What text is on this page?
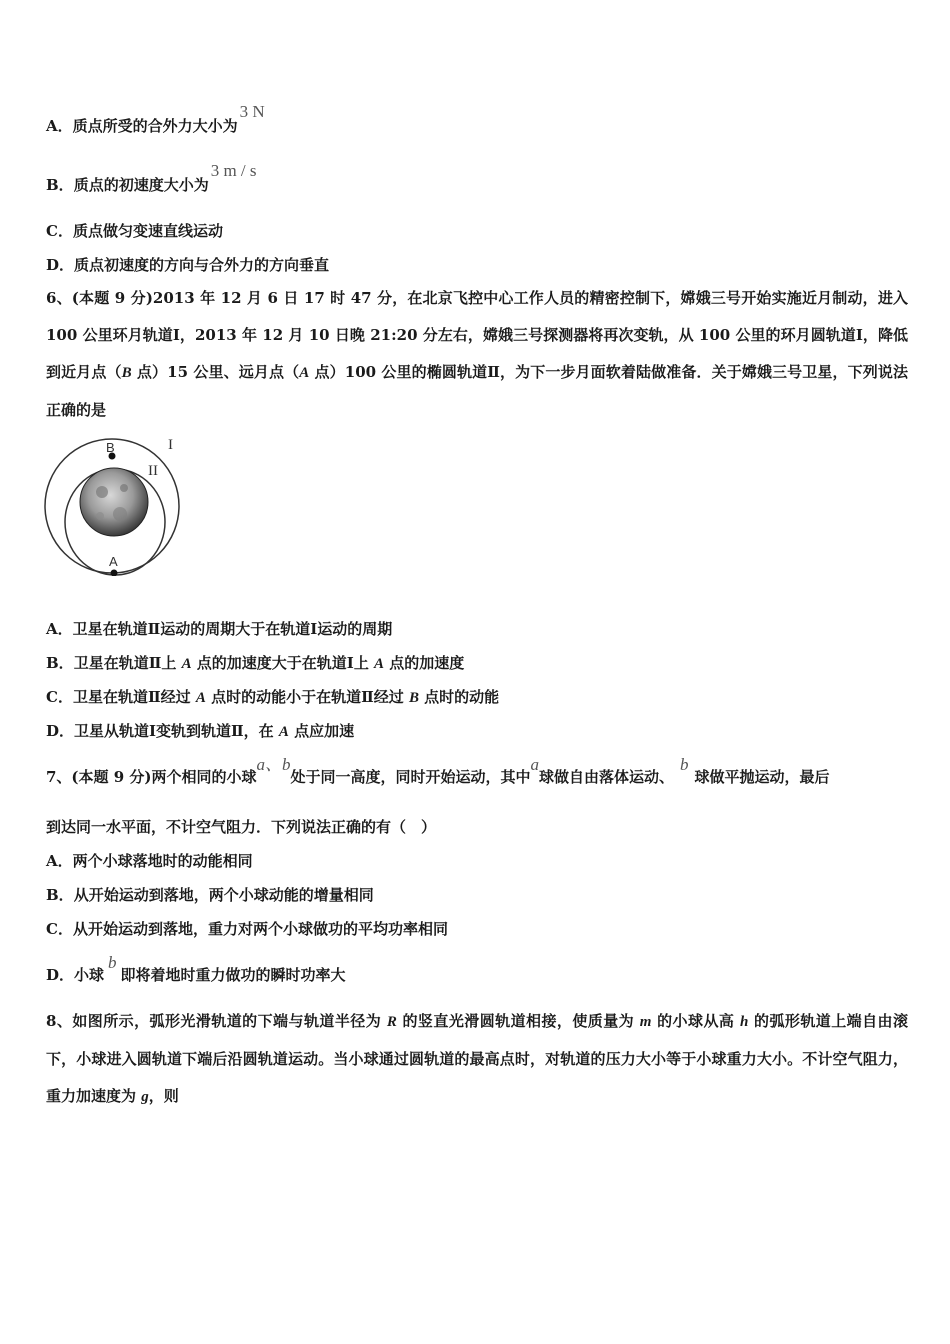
A．质点所受的合外力大小为3 N
B．质点的初速度大小为3 m / s
C．质点做匀变速直线运动
D．质点初速度的方向与合外力的方向垂直
6、(本题 9 分)2013 年 12 月 6 日 17 时 47 分，在北京飞控中心工作人员的精密控制下，嫦娥三号开始实施近月制动，进入 100 公里环月轨道Ⅰ，2013 年 12 月 10 日晚 21:20 分左右，嫦娥三号探测器将再次变轨，从 100 公里的环月圆轨道Ⅰ，降低到近月点（B 点）15 公里、远月点（A 点）100 公里的椭圆轨道Ⅱ，为下一步月面软着陆做准备．关于嫦娥三号卫星，下列说法正确的是
B
A
I
II
A．卫星在轨道Ⅱ运动的周期大于在轨道Ⅰ运动的周期
B．卫星在轨道Ⅱ上 A 点的加速度大于在轨道Ⅰ上 A 点的加速度
C．卫星在轨道Ⅱ经过 A 点时的动能小于在轨道Ⅱ经过 B 点时的动能
D．卫星从轨道Ⅰ变轨到轨道Ⅱ，在 A 点应加速
7、(本题 9 分)两个相同的小球a、b处于同一高度，同时开始运动，其中a球做自由落体运动、b球做平抛运动，最后
到达同一水平面，不计空气阻力．下列说法正确的有（　）
A．两个小球落地时的动能相同
B．从开始运动到落地，两个小球动能的增量相同
C．从开始运动到落地，重力对两个小球做功的平均功率相同
D．小球b即将着地时重力做功的瞬时功率大
8、如图所示，弧形光滑轨道的下端与轨道半径为 R 的竖直光滑圆轨道相接，使质量为 m 的小球从高 h 的弧形轨道上端自由滚下，小球进入圆轨道下端后沿圆轨道运动。当小球通过圆轨道的最高点时，对轨道的压力大小等于小球重力大小。不计空气阻力，重力加速度为 g，则
